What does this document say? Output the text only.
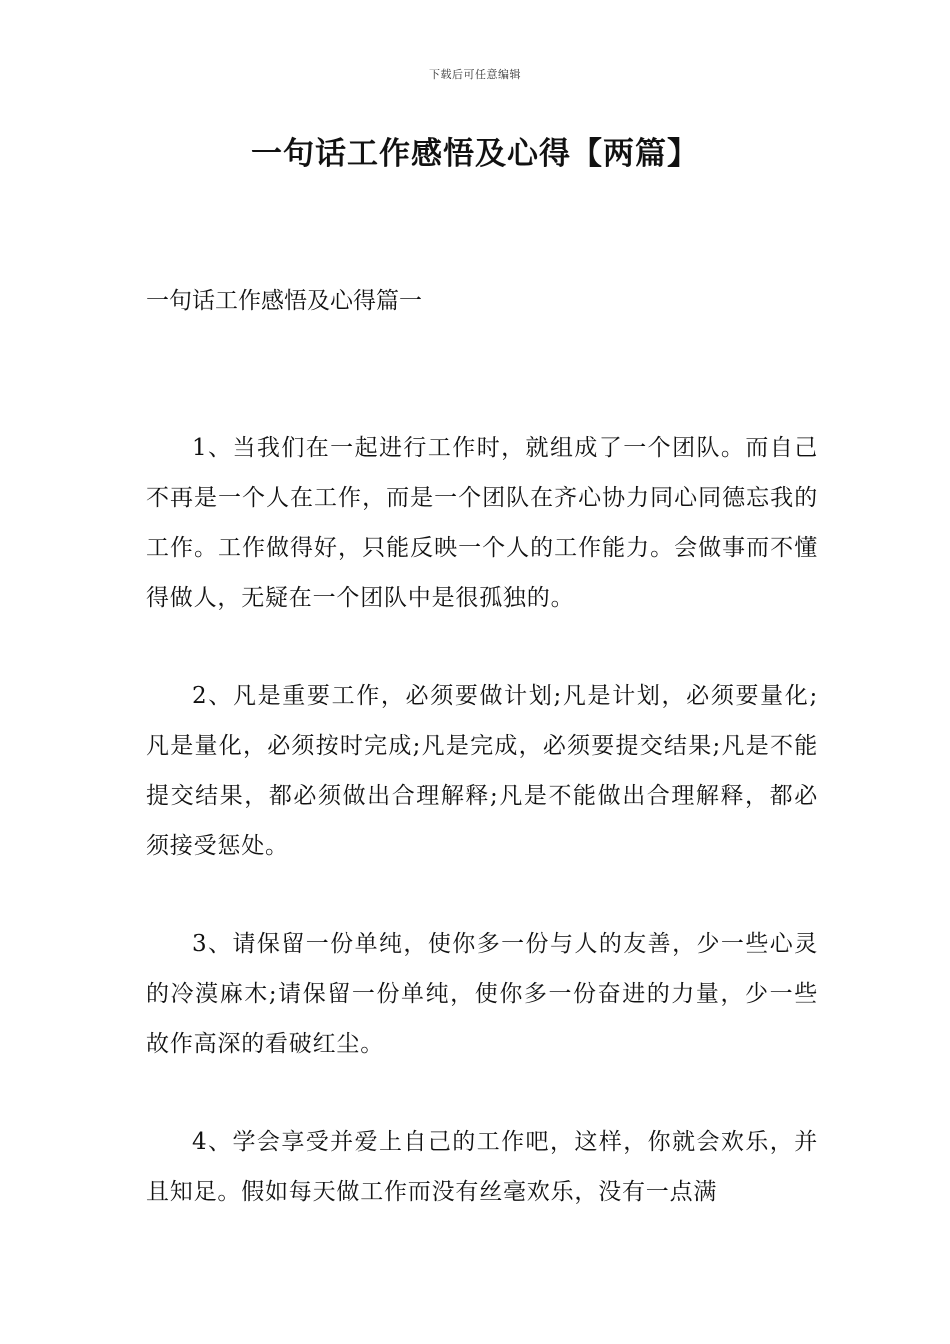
下载后可任意编辑
一句话工作感悟及心得【两篇】
一句话工作感悟及心得篇一

1、当我们在一起进行工作时，就组成了一个团队。而自己不再是一个人在工作，而是一个团队在齐心协力同心同德忘我的工作。工作做得好，只能反映一个人的工作能力。会做事而不懂得做人，无疑在一个团队中是很孤独的。

2、凡是重要工作，必须要做计划;凡是计划，必须要量化;凡是量化，必须按时完成;凡是完成，必须要提交结果;凡是不能提交结果，都必须做出合理解释;凡是不能做出合理解释，都必须接受惩处。

3、请保留一份单纯，使你多一份与人的友善，少一些心灵的冷漠麻木;请保留一份单纯，使你多一份奋进的力量，少一些故作高深的看破红尘。

4、学会享受并爱上自己的工作吧，这样，你就会欢乐，并且知足。假如每天做工作而没有丝毫欢乐，没有一点满
